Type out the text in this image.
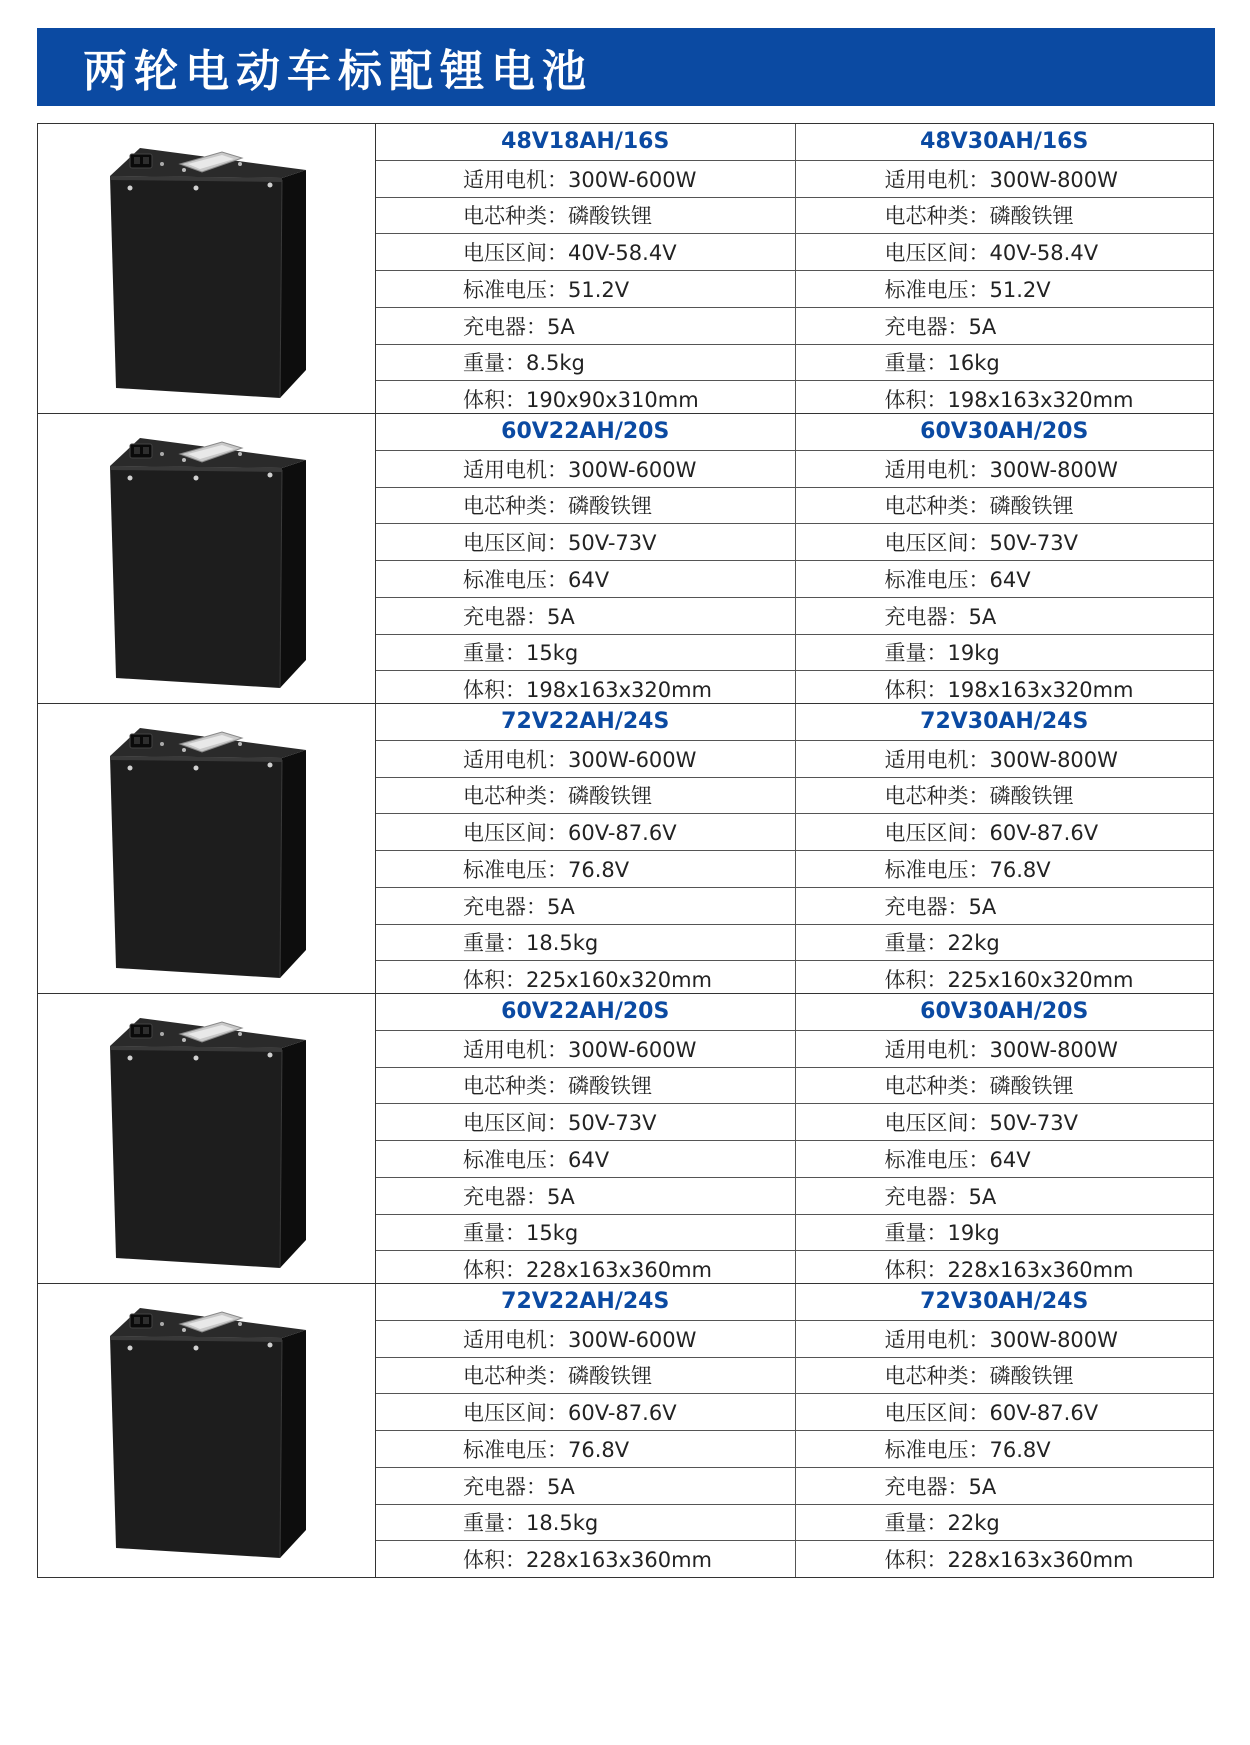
两轮电动车标配锂电池
48V18AH/16S	48V30AH/16S
适用电机：300W-600W	适用电机：300W-800W
电芯种类：磷酸铁锂	电芯种类：磷酸铁锂
电压区间：40V-58.4V	电压区间：40V-58.4V
标准电压：51.2V	标准电压：51.2V
充电器：5A	充电器：5A
重量：8.5kg	重量：16kg
体积：190x90x310mm	体积：198x163x320mm
60V22AH/20S	60V30AH/20S
适用电机：300W-600W	适用电机：300W-800W
电芯种类：磷酸铁锂	电芯种类：磷酸铁锂
电压区间：50V-73V	电压区间：50V-73V
标准电压：64V	标准电压：64V
充电器：5A	充电器：5A
重量：15kg	重量：19kg
体积：198x163x320mm	体积：198x163x320mm
72V22AH/24S	72V30AH/24S
适用电机：300W-600W	适用电机：300W-800W
电芯种类：磷酸铁锂	电芯种类：磷酸铁锂
电压区间：60V-87.6V	电压区间：60V-87.6V
标准电压：76.8V	标准电压：76.8V
充电器：5A	充电器：5A
重量：18.5kg	重量：22kg
体积：225x160x320mm	体积：225x160x320mm
60V22AH/20S	60V30AH/20S
适用电机：300W-600W	适用电机：300W-800W
电芯种类：磷酸铁锂	电芯种类：磷酸铁锂
电压区间：50V-73V	电压区间：50V-73V
标准电压：64V	标准电压：64V
充电器：5A	充电器：5A
重量：15kg	重量：19kg
体积：228x163x360mm	体积：228x163x360mm
72V22AH/24S	72V30AH/24S
适用电机：300W-600W	适用电机：300W-800W
电芯种类：磷酸铁锂	电芯种类：磷酸铁锂
电压区间：60V-87.6V	电压区间：60V-87.6V
标准电压：76.8V	标准电压：76.8V
充电器：5A	充电器：5A
重量：18.5kg	重量：22kg
体积：228x163x360mm	体积：228x163x360mm
